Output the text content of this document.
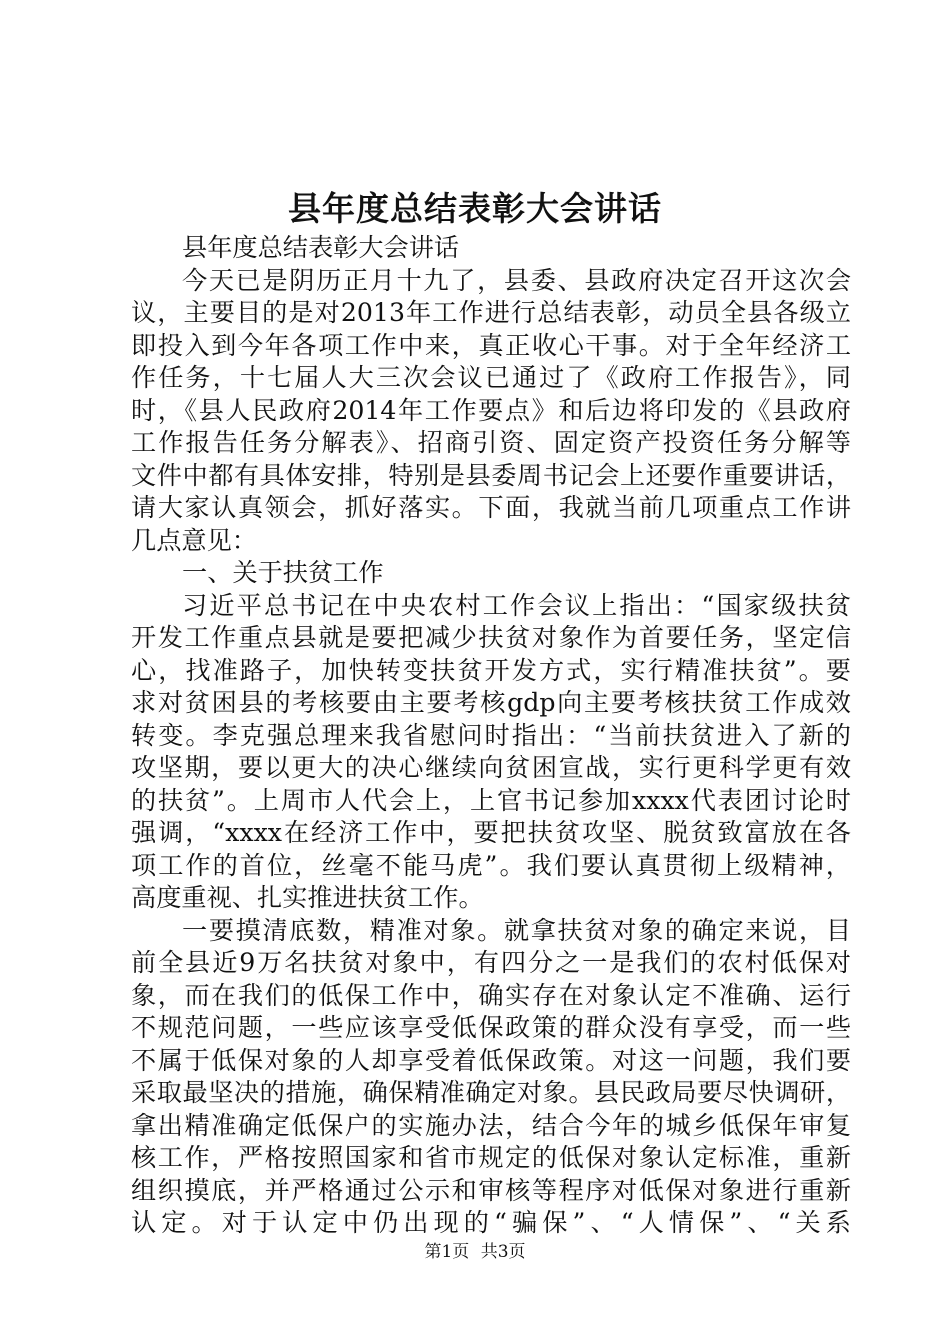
县年度总结表彰大会讲话
县年度总结表彰大会讲话
今天已是阴历正月十九了，县委、县政府决定召开这次会
议，主要目的是对2013年工作进行总结表彰，动员全县各级立
即投入到今年各项工作中来，真正收心干事。对于全年经济工
作任务，十七届人大三次会议已通过了《政府工作报告》，同
时，《县人民政府2014年工作要点》和后边将印发的《县政府
工作报告任务分解表》、招商引资、固定资产投资任务分解等
文件中都有具体安排，特别是县委周书记会上还要作重要讲话，
请大家认真领会，抓好落实。下面，我就当前几项重点工作讲
几点意见：
一、关于扶贫工作
习近平总书记在中央农村工作会议上指出：“国家级扶贫
开发工作重点县就是要把减少扶贫对象作为首要任务，坚定信
心，找准路子，加快转变扶贫开发方式，实行精准扶贫”。要
求对贫困县的考核要由主要考核gdp向主要考核扶贫工作成效
转变。李克强总理来我省慰问时指出：“当前扶贫进入了新的
攻坚期，要以更大的决心继续向贫困宣战，实行更科学更有效
的扶贫”。上周市人代会上，上官书记参加xxxx代表团讨论时
强调，“xxxx在经济工作中，要把扶贫攻坚、脱贫致富放在各
项工作的首位，丝毫不能马虎”。我们要认真贯彻上级精神，
高度重视、扎实推进扶贫工作。
一要摸清底数，精准对象。就拿扶贫对象的确定来说，目
前全县近9万名扶贫对象中，有四分之一是我们的农村低保对
象，而在我们的低保工作中，确实存在对象认定不准确、运行
不规范问题，一些应该享受低保政策的群众没有享受，而一些
不属于低保对象的人却享受着低保政策。对这一问题，我们要
采取最坚决的措施，确保精准确定对象。县民政局要尽快调研，
拿出精准确定低保户的实施办法，结合今年的城乡低保年审复
核工作，严格按照国家和省市规定的低保对象认定标准，重新
组织摸底，并严格通过公示和审核等程序对低保对象进行重新
认定。对于认定中仍出现的“骗保”、“人情保”、“关系
第1页 共3页
